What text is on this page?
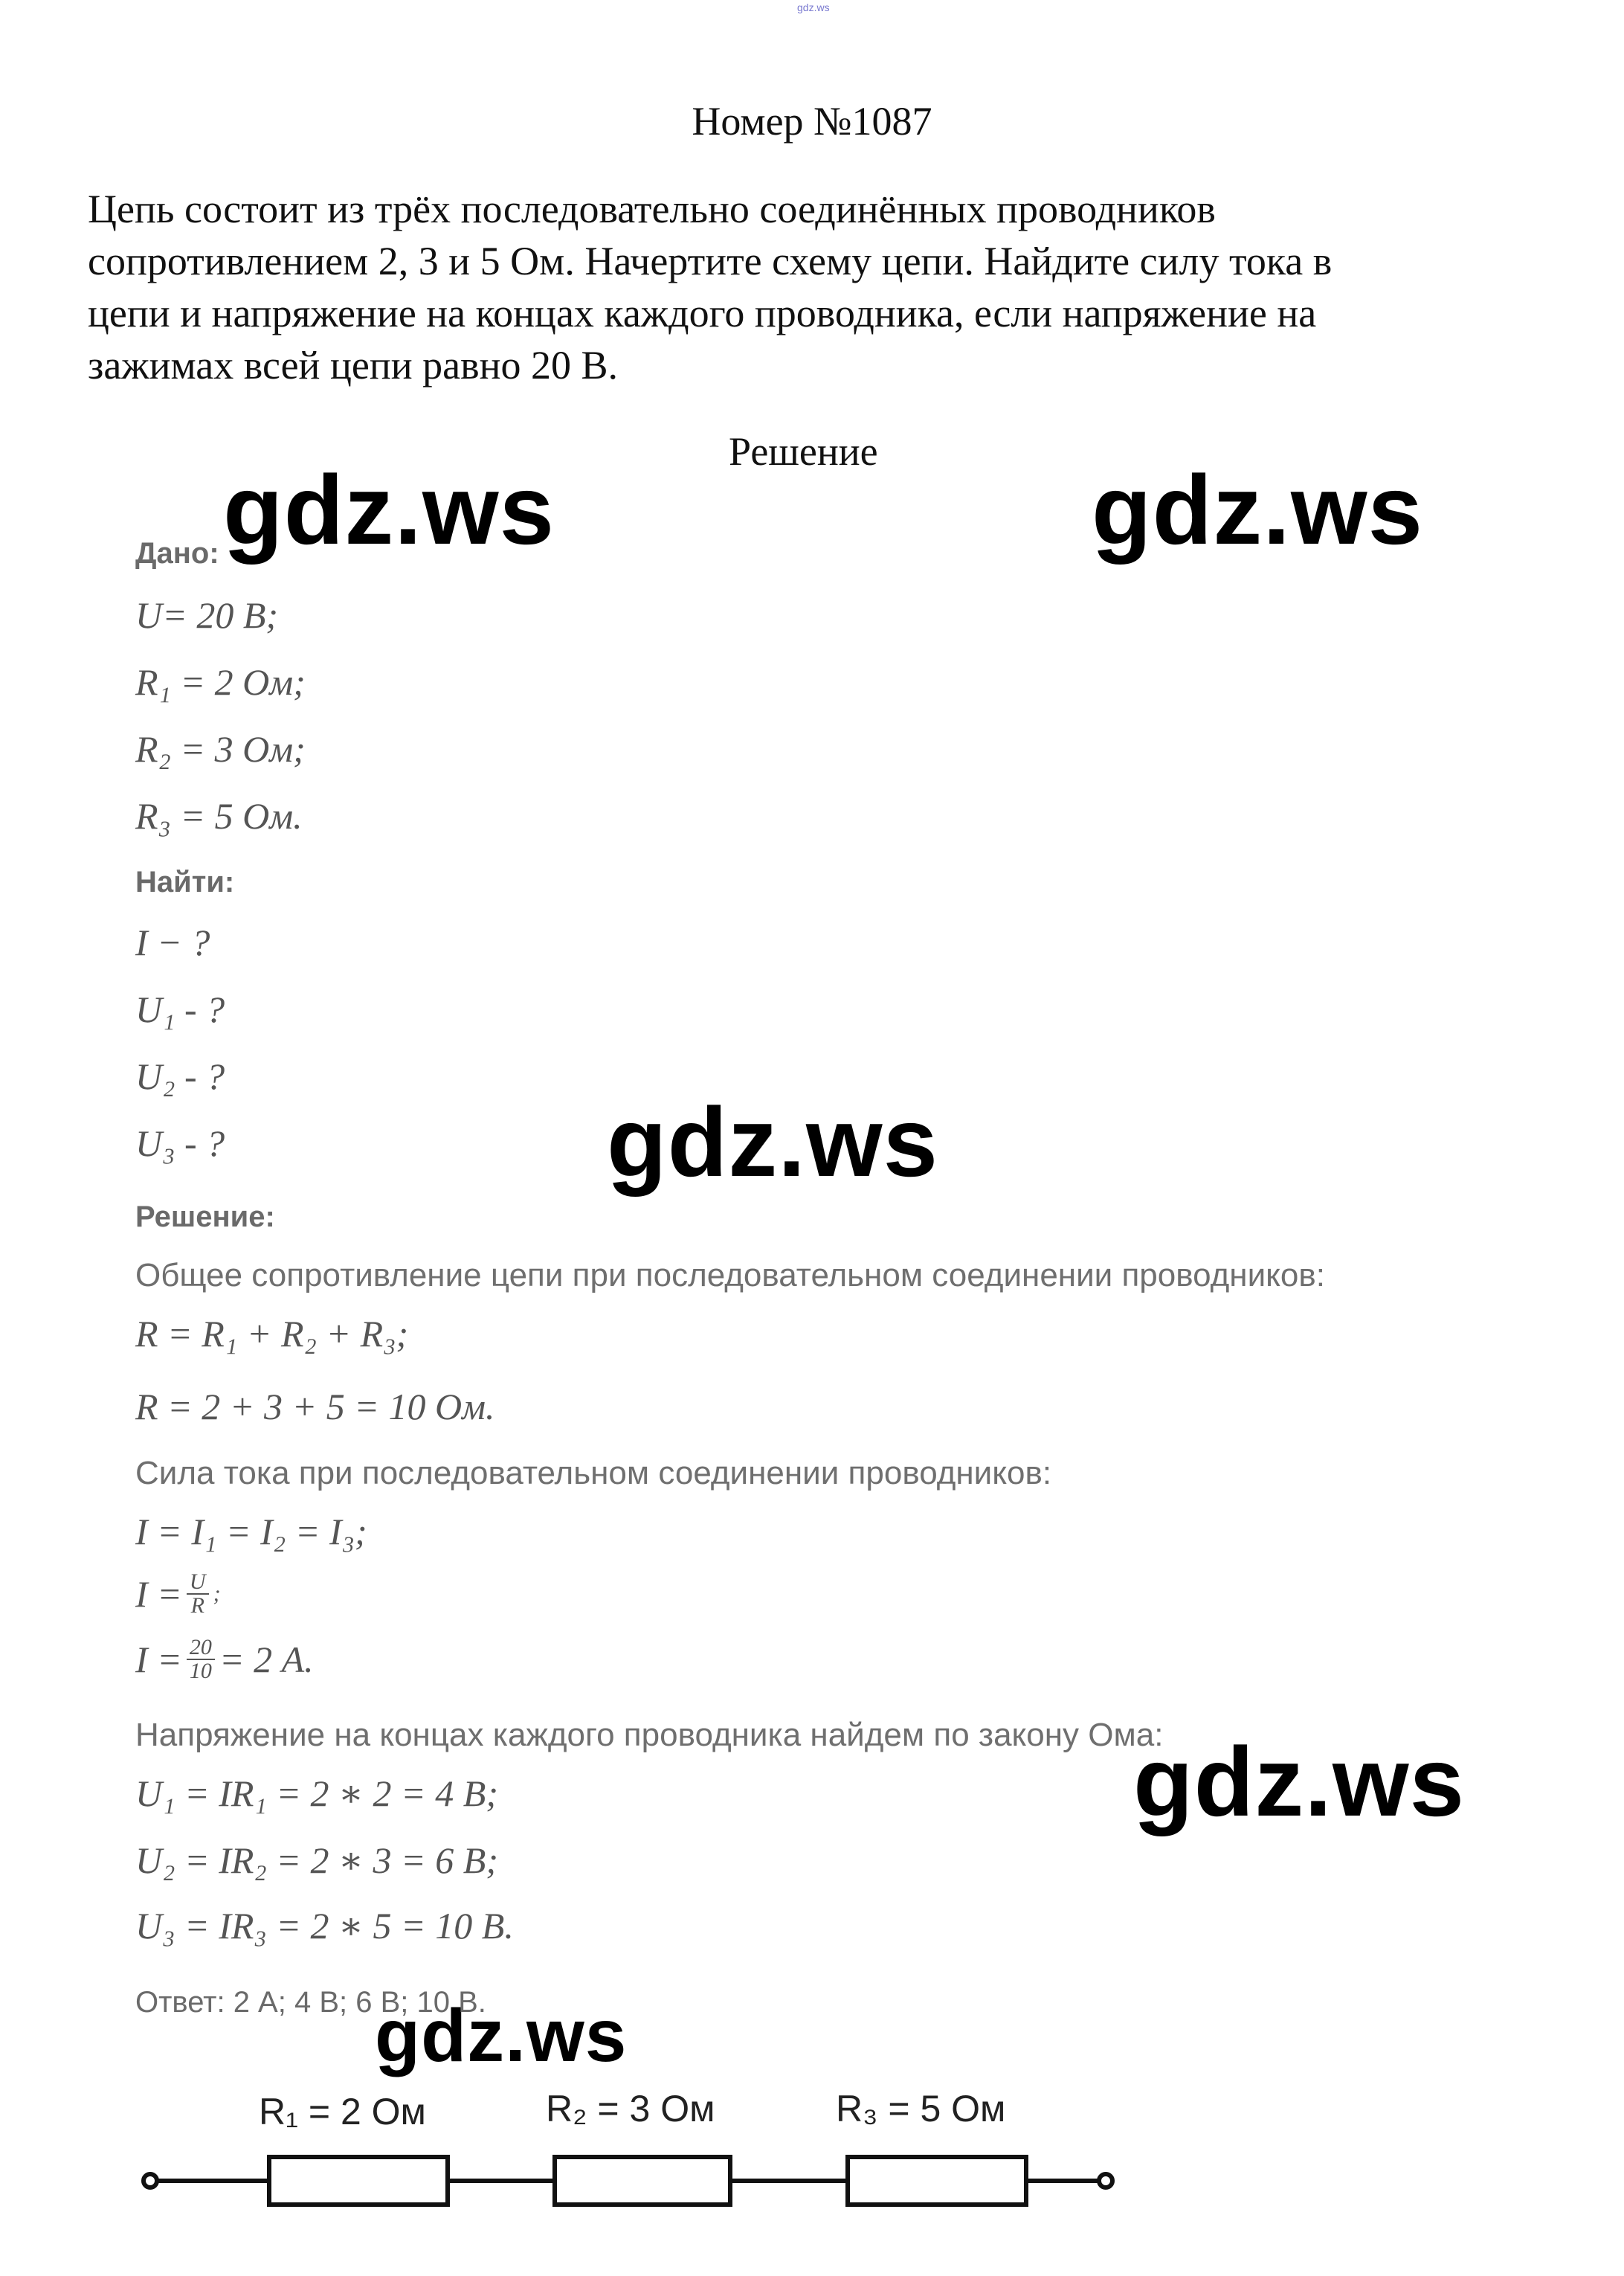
gdz.ws
Номер №1087
Цепь состоит из трёх последовательно соединённых проводников
сопротивлением 2, 3 и 5 Ом. Начертите схему цепи. Найдите силу тока в
цепи и напряжение на концах каждого проводника, если напряжение на
зажимах всей цепи равно 20 В.
Решение
gdz.ws	gdz.ws
gdz.ws
gdz.ws
gdz.ws
Дано:
U= 20 В;
R₁ = 2 Ом;
R₂ = 3 Ом;
R₃ = 5 Ом.
Найти:
I − ?
U₁ - ?
U₂ - ?
U₃ - ?
Решение:
Общее сопротивление цепи при последовательном соединении проводников:
R = R₁ + R₂ + R₃;
R = 2 + 3 + 5 = 10 Ом.
Сила тока при последовательном соединении проводников:
I = I₁ = I₂ = I₃;
$I = \frac{U}{R}$ ;
$I = \frac{20}{10} = 2$ А.
Напряжение на концах каждого проводника найдем по закону Ома:
U₁ = IR₁ = 2 ∗ 2 = 4 В;
U₂ = IR₂ = 2 ∗ 3 = 6 В;
U₃ = IR₃ = 2 ∗ 5 = 10 В.
Ответ: 2 А; 4 В; 6 В; 10 В.
R₁ = 2 Ом	R₂ = 3 Ом	R₃ = 5 Ом
